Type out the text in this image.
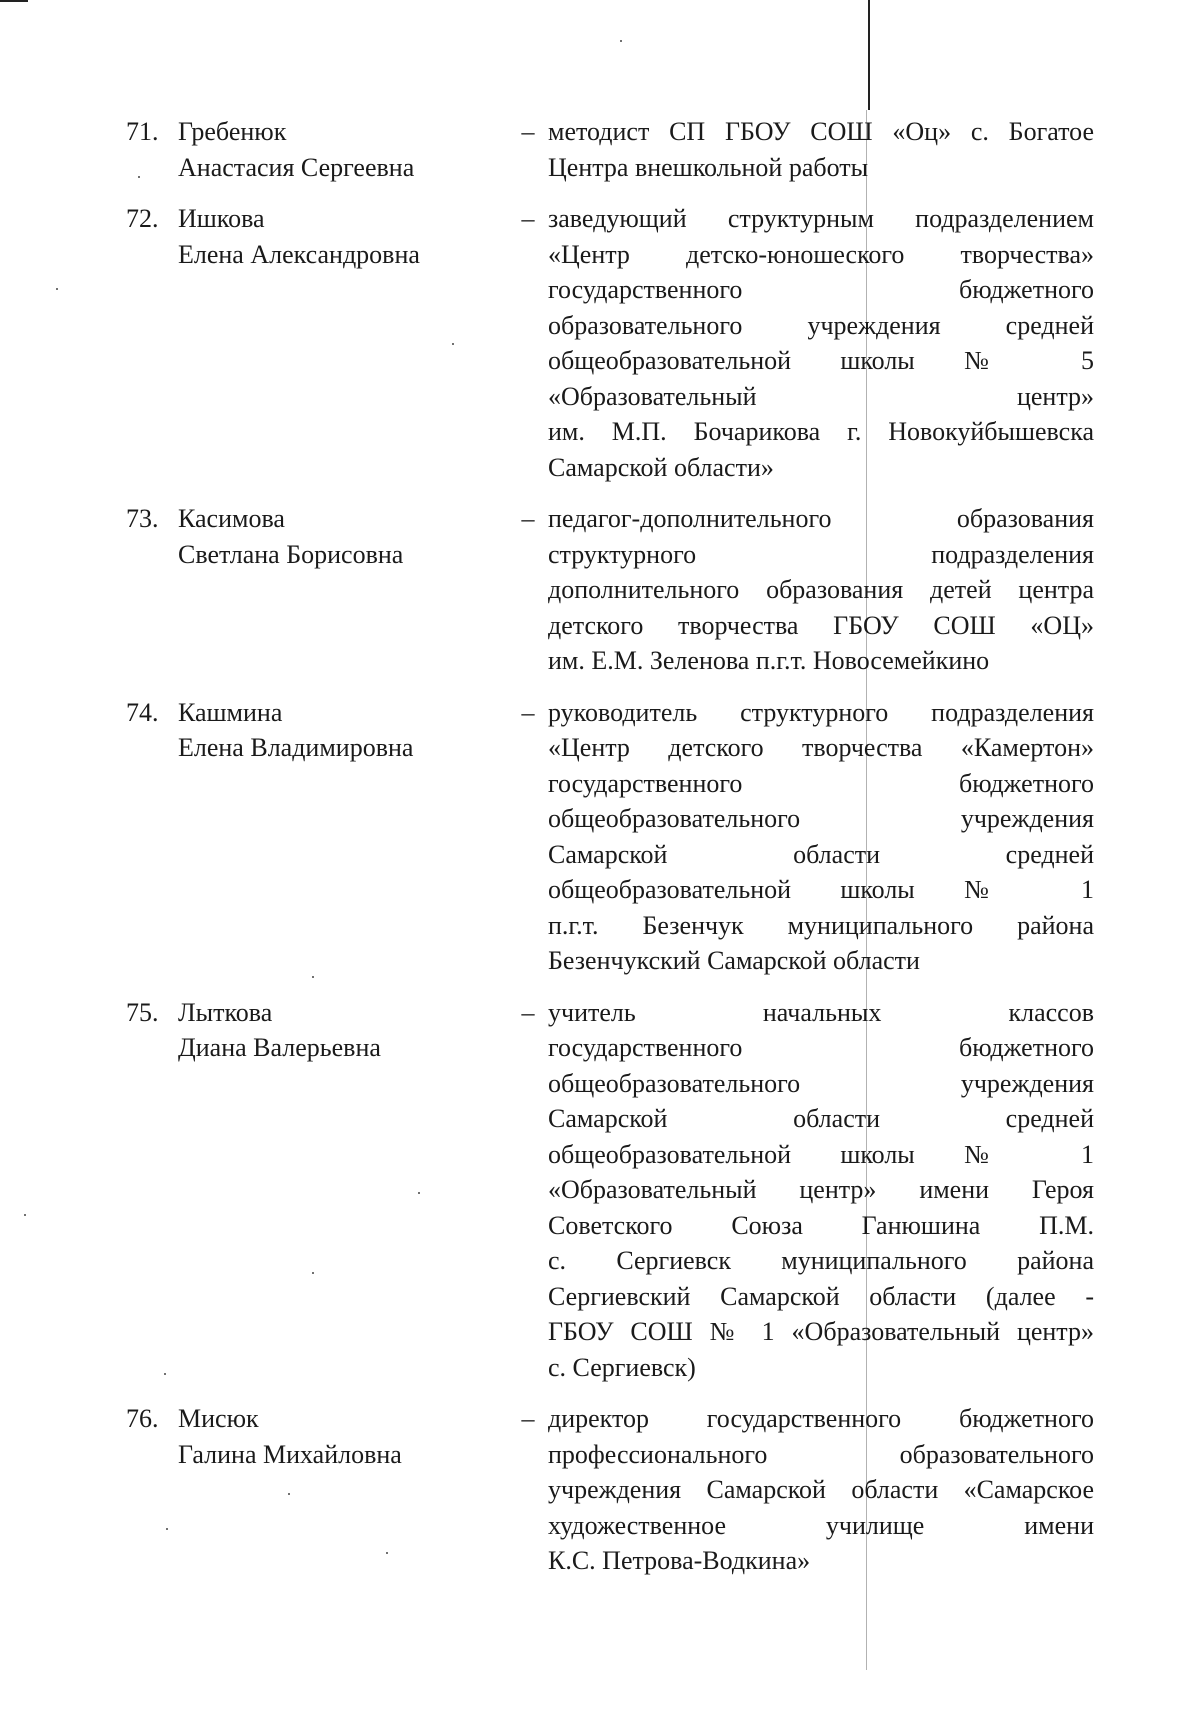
71. Гребенюк
Анастасия Сергеевна
– методист СП ГБОУ СОШ «Оц» с. Богатое
Центра внешкольной работы
72. Ишкова
Елена Александровна
– заведующий структурным подразделением
«Центр детско-юношеского творчества»
государственного бюджетного
образовательного учреждения средней
общеобразовательной школы № 5
«Образовательный центр»
им. М.П. Бочарикова г. Новокуйбышевска
Самарской области»
73. Касимова
Светлана Борисовна
– педагог-дополнительного образования
структурного подразделения
дополнительного образования детей центра
детского творчества ГБОУ СОШ «ОЦ»
им. Е.М. Зеленова п.г.т. Новосемейкино
74. Кашмина
Елена Владимировна
– руководитель структурного подразделения
«Центр детского творчества «Камертон»
государственного бюджетного
общеобразовательного учреждения
Самарской области средней
общеобразовательной школы № 1
п.г.т. Безенчук муниципального района
Безенчукский Самарской области
75. Лыткова
Диана Валерьевна
– учитель начальных классов
государственного бюджетного
общеобразовательного учреждения
Самарской области средней
общеобразовательной школы № 1
«Образовательный центр» имени Героя
Советского Союза Ганюшина П.М.
с. Сергиевск муниципального района
Сергиевский Самарской области (далее -
ГБОУ СОШ № 1 «Образовательный центр»
с. Сергиевск)
76. Мисюк
Галина Михайловна
– директор государственного бюджетного
профессионального образовательного
учреждения Самарской области «Самарское
художественное училище имени
К.С. Петрова-Водкина»
